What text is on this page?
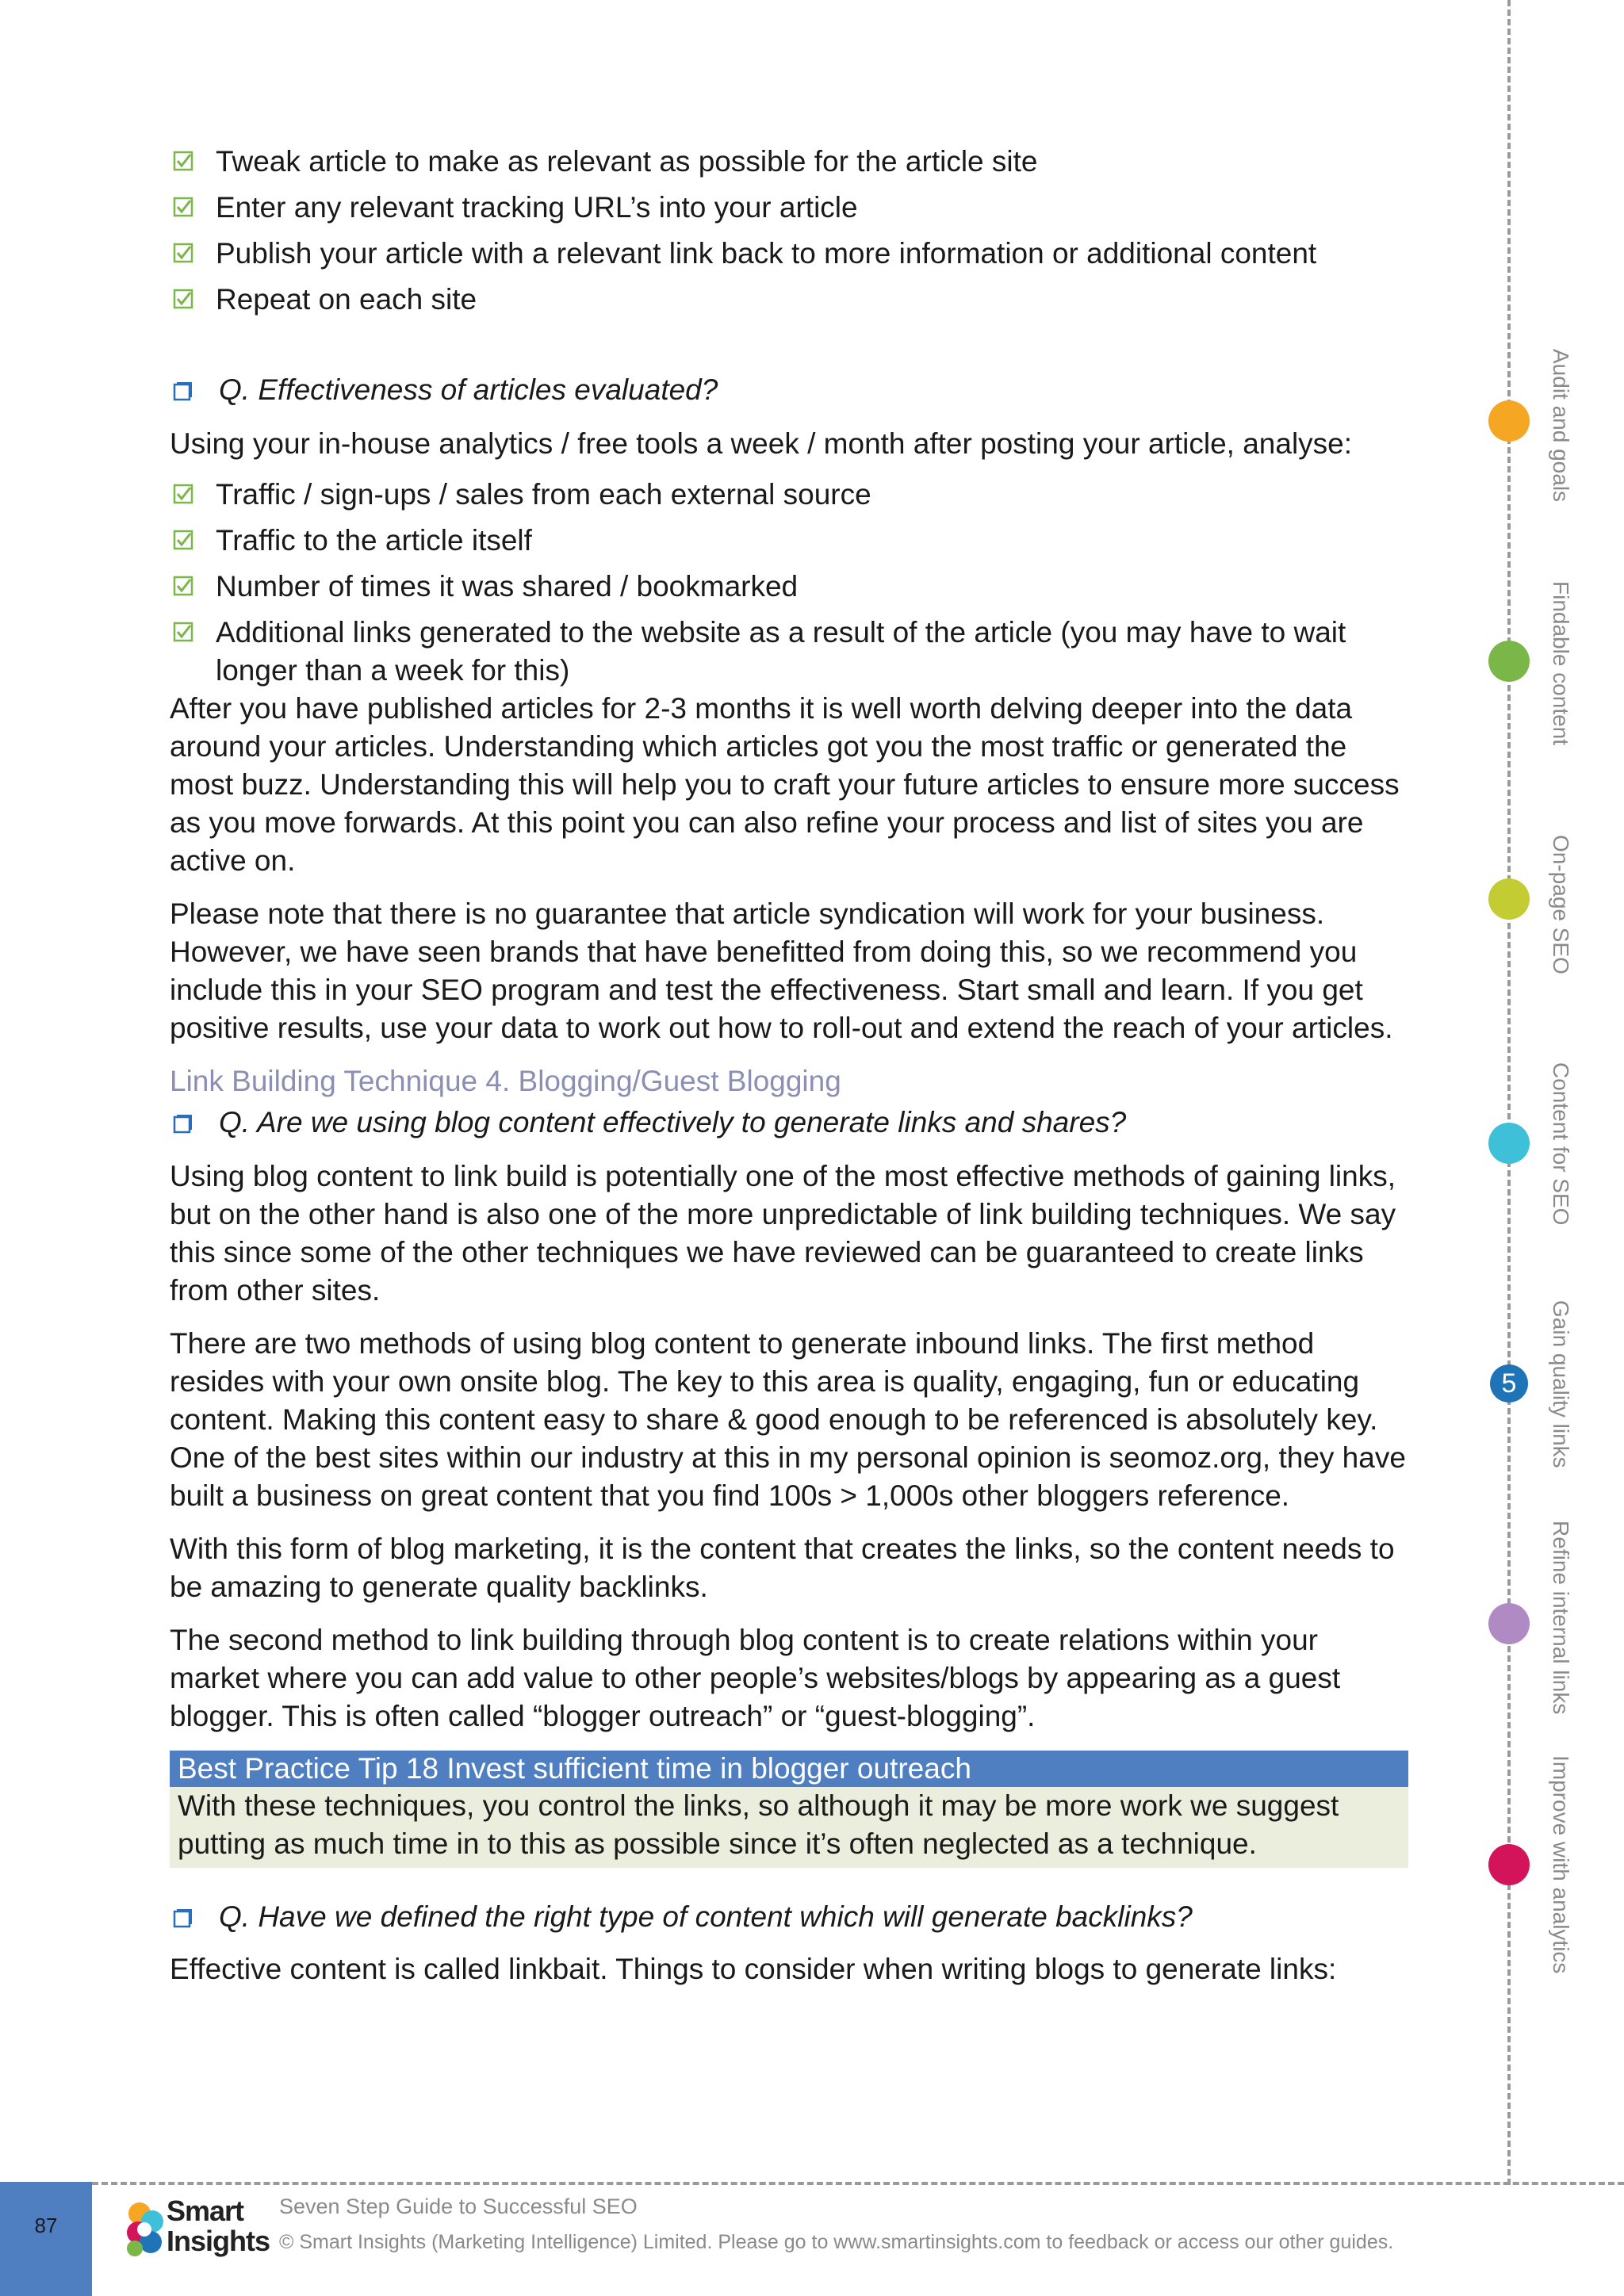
Tweak article to make as relevant as possible for the article site
Enter any relevant tracking URL’s into your article
Publish your article with a relevant link back to more information or additional content
Repeat on each site

Q. Effectiveness of articles evaluated?

Using your in-house analytics / free tools a week / month after posting your article, analyse:

Traffic / sign-ups / sales from each external source
Traffic to the article itself
Number of times it was shared / bookmarked
Additional links generated to the website as a result of the article (you may have to wait longer than a week for this)

After you have published articles for 2-3 months it is well worth delving deeper into the data around your articles. Understanding which articles got you the most traffic or generated the most buzz. Understanding this will help you to craft your future articles to ensure more success as you move forwards. At this point you can also refine your process and list of sites you are active on.

Please note that there is no guarantee that article syndication will work for your business. However, we have seen brands that have benefitted from doing this, so we recommend you include this in your SEO program and test the effectiveness. Start small and learn. If you get positive results, use your data to work out how to roll-out and extend the reach of your articles.

Link Building Technique 4. Blogging/Guest Blogging

Q. Are we using blog content effectively to generate links and shares?

Using blog content to link build is potentially one of the most effective methods of gaining links, but on the other hand is also one of the more unpredictable of link building techniques. We say this since some of the other techniques we have reviewed can be guaranteed to create links from other sites.

There are two methods of using blog content to generate inbound links. The first method resides with your own onsite blog. The key to this area is quality, engaging, fun or educating content. Making this content easy to share & good enough to be referenced is absolutely key. One of the best sites within our industry at this in my personal opinion is seomoz.org, they have built a business on great content that you find 100s > 1,000s other bloggers reference.

With this form of blog marketing, it is the content that creates the links, so the content needs to be amazing to generate quality backlinks.

The second method to link building through blog content is to create relations within your market where you can add value to other people’s websites/blogs by appearing as a guest blogger. This is often called “blogger outreach” or “guest-blogging”.

Best Practice Tip 18 Invest sufficient time in blogger outreach
With these techniques, you control the links, so although it may be more work we suggest putting as much time in to this as possible since it’s often neglected as a technique.

Q. Have we defined the right type of content which will generate backlinks?

Effective content is called linkbait. Things to consider when writing blogs to generate links:

Audit and goals
Findable content
On-page SEO
Content for SEO
5	Gain quality links
Refine internal links
Improve with analytics
87	Smart
Insights
Seven Step Guide to Successful SEO
© Smart Insights (Marketing Intelligence) Limited. Please go to www.smartinsights.com to feedback or access our other guides.
